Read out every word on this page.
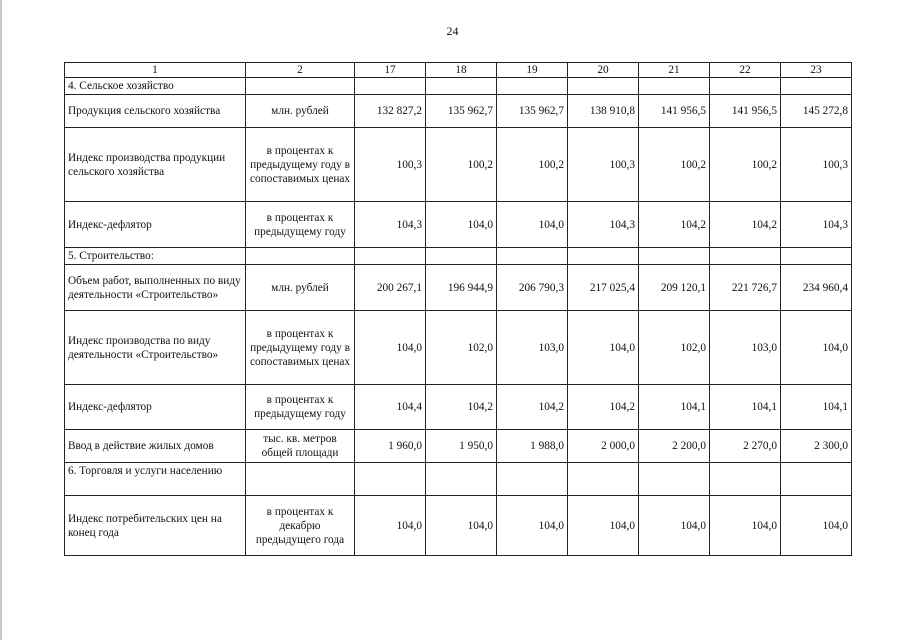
24
1	2	17	18	19	20	21	22	23
4. Сельское хозяйство								
Продукция сельского хозяйства	млн. рублей	132 827,2	135 962,7	135 962,7	138 910,8	141 956,5	141 956,5	145 272,8
Индекс производства продукции сельского хозяйства	в процентах к предыдущему году в сопоставимых ценах	100,3	100,2	100,2	100,3	100,2	100,2	100,3
Индекс-дефлятор	в процентах к предыдущему году	104,3	104,0	104,0	104,3	104,2	104,2	104,3
5. Строительство:								
Объем работ, выполненных по виду деятельности «Строительство»	млн. рублей	200 267,1	196 944,9	206 790,3	217 025,4	209 120,1	221 726,7	234 960,4
Индекс производства по виду деятельности «Строительство»	в процентах к предыдущему году в сопоставимых ценах	104,0	102,0	103,0	104,0	102,0	103,0	104,0
Индекс-дефлятор	в процентах к предыдущему году	104,4	104,2	104,2	104,2	104,1	104,1	104,1
Ввод в действие жилых домов	тыс. кв. метров общей площади	1 960,0	1 950,0	1 988,0	2 000,0	2 200,0	2 270,0	2 300,0
6. Торговля и услуги населению								
Индекс потребительских цен на конец года	в процентах к декабрю предыдущего года	104,0	104,0	104,0	104,0	104,0	104,0	104,0
